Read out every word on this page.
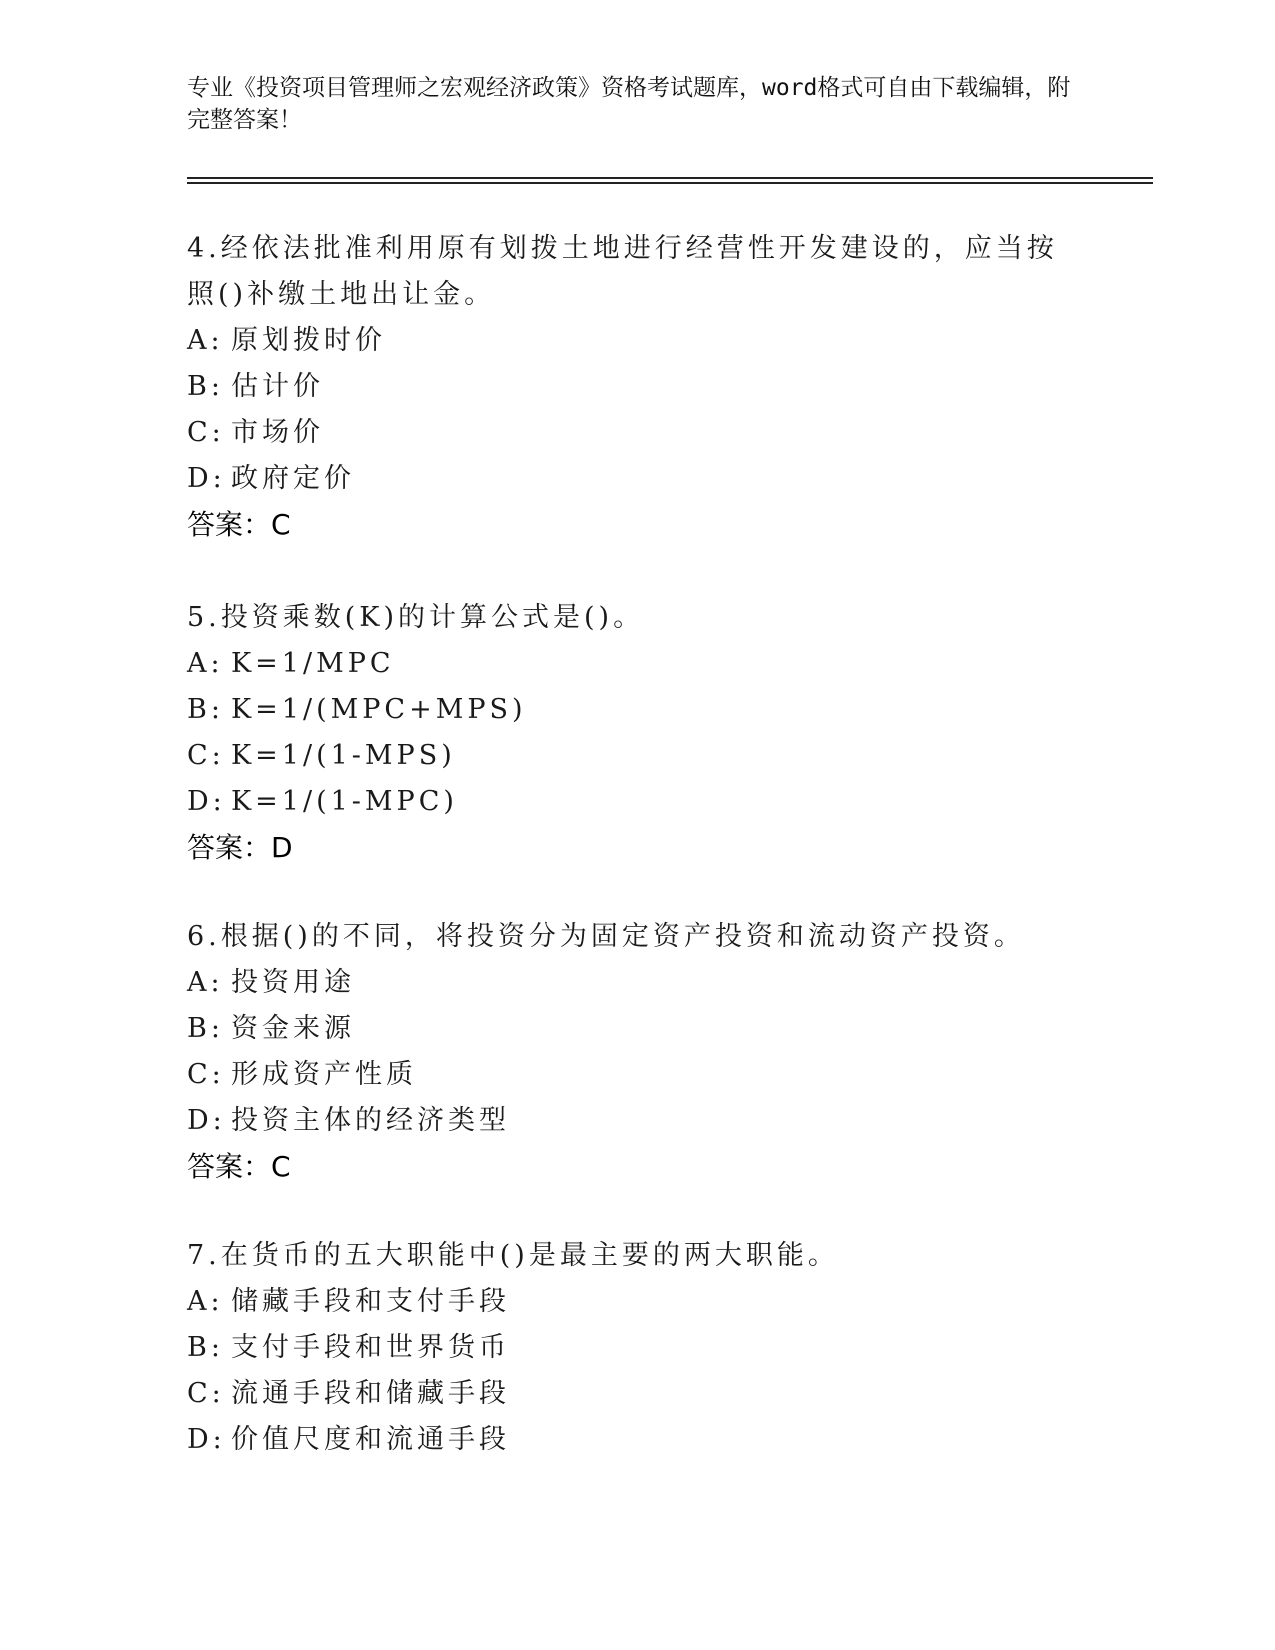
专业《投资项目管理师之宏观经济政策》资格考试题库，word格式可自由下载编辑，附完整答案！
4.经依法批准利用原有划拨土地进行经营性开发建设的，应当按照()补缴土地出让金。
A: 原划拨时价
B: 估计价
C: 市场价
D: 政府定价
答案：C
5.投资乘数(K)的计算公式是()。
A: K=1/MPC
B: K=1/(MPC+MPS)
C: K=1/(1-MPS)
D: K=1/(1-MPC)
答案：D
6.根据()的不同，将投资分为固定资产投资和流动资产投资。
A: 投资用途
B: 资金来源
C: 形成资产性质
D: 投资主体的经济类型
答案：C
7.在货币的五大职能中()是最主要的两大职能。
A: 储藏手段和支付手段
B: 支付手段和世界货币
C: 流通手段和储藏手段
D: 价值尺度和流通手段
